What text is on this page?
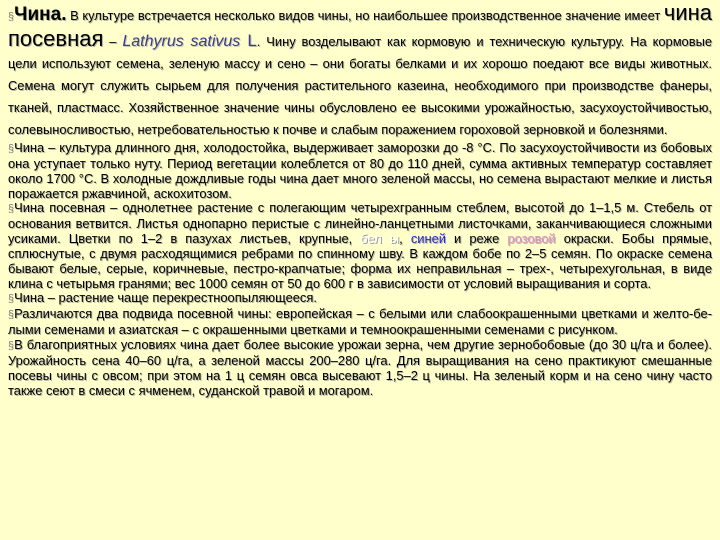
§Чина. В культуре встречается несколько видов чины, но наибольшее производственное значение имеет чина посевная – Lathyrus sativus L. Чину возделывают как кормовую и техническую культуру. На кормовые цели используют семена, зеленую массу и сено – они богаты белками и их хорошо поедают все виды животных. Семена могут служить сырьем для получения растительного казеина, необходимого при производстве фанеры, тканей, пластмасс. Хозяйственное значение чины обусловлено ее высокими урожайностью, засухоустойчивостью, солевыносливостью, нетребовательностью к почве и слабым поражением гороховой зерновкой и болезнями.

§Чина – культура длинного дня, холодостойка, выдерживает заморозки до -8 °С. По засухоустойчивости из бобовых она уступает только нуту. Период вегетации колеблется от 80 до 110 дней, сумма активных температур составляет около 1700 °С. В холодные дождливые годы чина дает много зеленой массы, но семена вырастают мелкие и листья поражается ржавчиной, аскохитозом.

§Чина посевная – однолетнее растение с полегающим четырехгранным стеблем, высотой до 1–1,5 м. Стебель от основания ветвится. Листья однопарно перистые с линейно-ланцетными листочками, заканчивающиеся сложными усиками. Цветки по 1–2 в пазухах листьев, крупные, бел ы, синей и реже розовой окраски. Бобы прямые, сплюснутые, с двумя расходящимися ребрами по спинному шву. В каждом бобе по 2–5 семян. По окраске семена бывают белые, серые, коричневые, пестро-крапчатые; форма их неправильная – трех-, четырехугольная, в виде клина с четырьмя гранями; вес 1000 семян от 50 до 600 г в зависимости от условий выращивания и сорта.

§Чина – растение чаще перекрестноопыляющееся.

§Различаются два подвида посевной чины: европейская – с белыми или слабоокрашенными цветками и желто-бе-лыми семенами и азиатская – с окрашенными цветками и темноокрашенными семенами с рисунком.

§В благоприятных условиях чина дает более высокие урожаи зерна, чем другие зернобобовые (до 30 ц/га и более). Урожайность сена 40–60 ц/га, а зеленой массы 200–280 ц/га. Для выращивания на сено практикуют смешанные посевы чины с овсом; при этом на 1 ц семян овса высевают 1,5–2 ц чины. На зеленый корм и на сено чину часто также сеют в смеси с ячменем, суданской травой и могаром.
